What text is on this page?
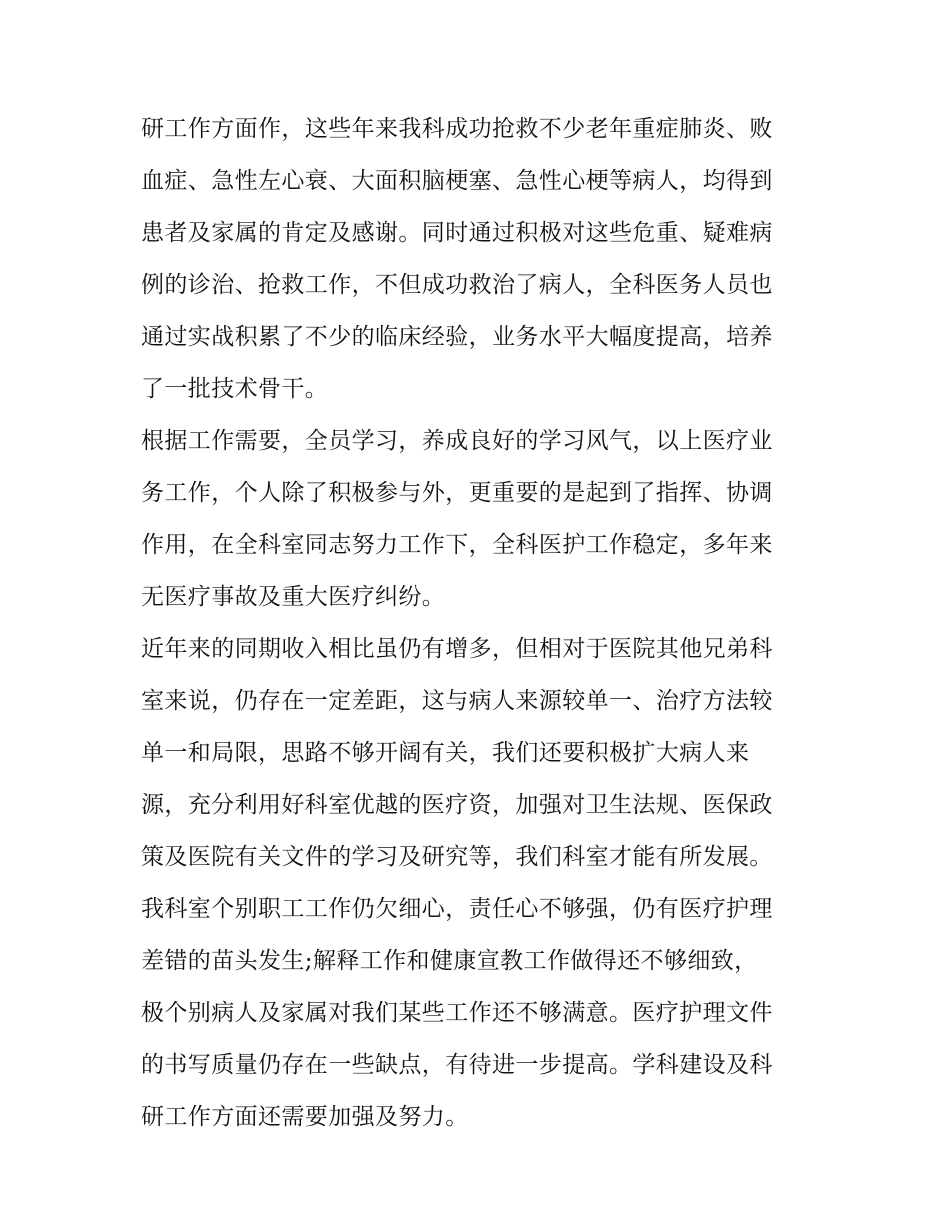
研工作方面作，这些年来我科成功抢救不少老年重症肺炎、败
血症、急性左心衰、大面积脑梗塞、急性心梗等病人，均得到
患者及家属的肯定及感谢。同时通过积极对这些危重、疑难病
例的诊治、抢救工作，不但成功救治了病人，全科医务人员也
通过实战积累了不少的临床经验，业务水平大幅度提高，培养
了一批技术骨干。
根据工作需要，全员学习，养成良好的学习风气，以上医疗业
务工作，个人除了积极参与外，更重要的是起到了指挥、协调
作用，在全科室同志努力工作下，全科医护工作稳定，多年来
无医疗事故及重大医疗纠纷。
近年来的同期收入相比虽仍有增多，但相对于医院其他兄弟科
室来说，仍存在一定差距，这与病人来源较单一、治疗方法较
单一和局限，思路不够开阔有关，我们还要积极扩大病人来
源，充分利用好科室优越的医疗资，加强对卫生法规、医保政
策及医院有关文件的学习及研究等，我们科室才能有所发展。
我科室个别职工工作仍欠细心，责任心不够强，仍有医疗护理
差错的苗头发生;解释工作和健康宣教工作做得还不够细致，
极个别病人及家属对我们某些工作还不够满意。医疗护理文件
的书写质量仍存在一些缺点，有待进一步提高。学科建设及科
研工作方面还需要加强及努力。
